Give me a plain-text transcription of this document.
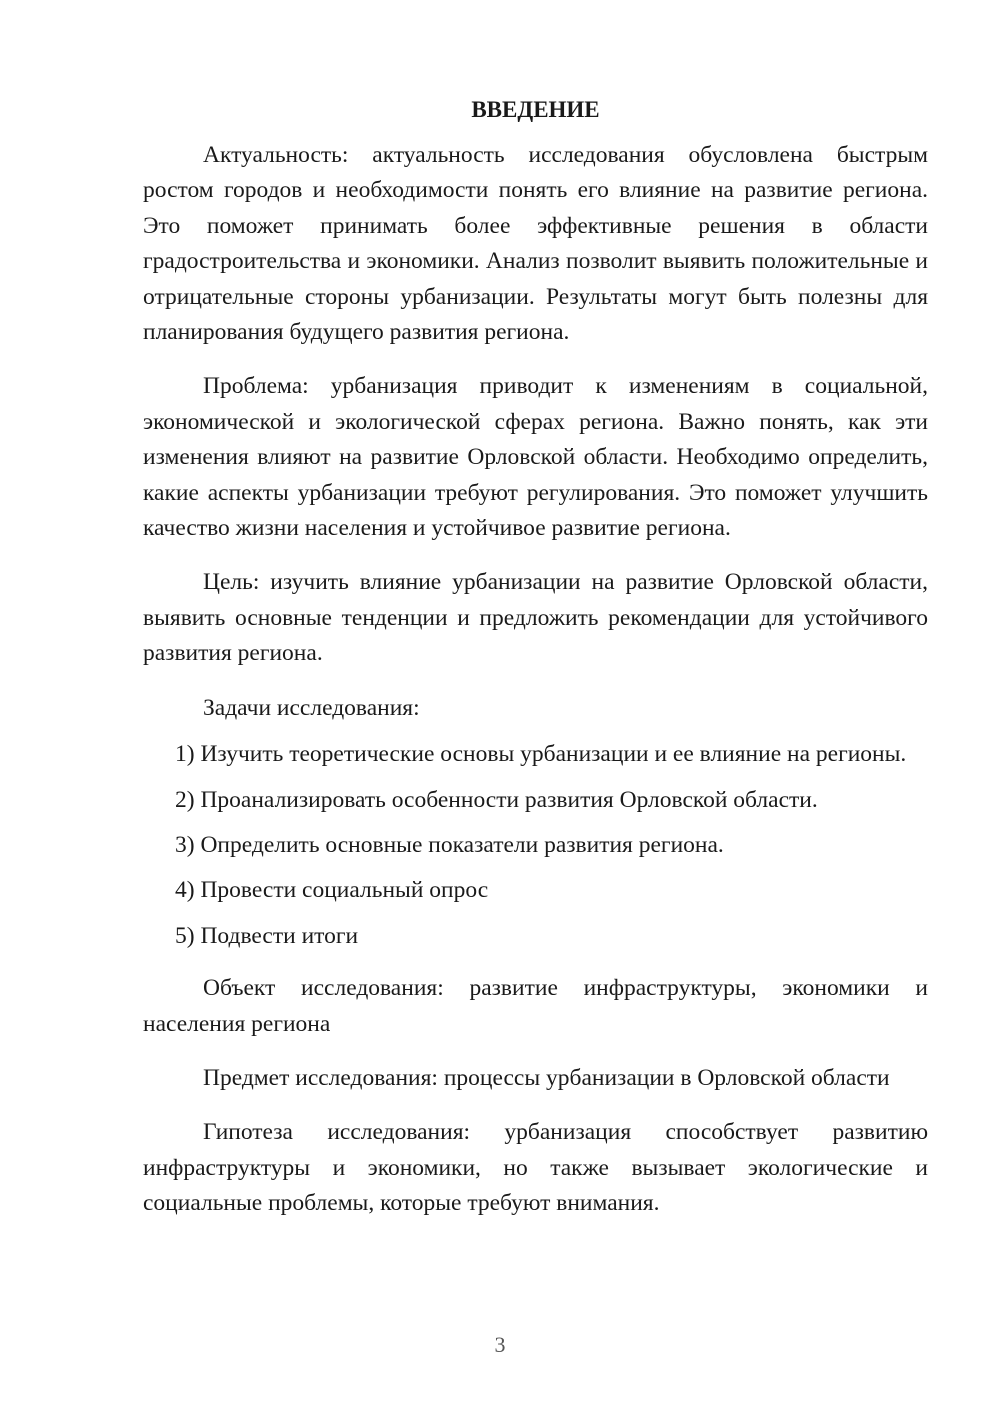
ВВЕДЕНИЕ

Актуальность: актуальность исследования обусловлена быстрым ростом городов и необходимости понять его влияние на развитие региона. Это поможет принимать более эффективные решения в области градостроительства и экономики. Анализ позволит выявить положительные и отрицательные стороны урбанизации. Результаты могут быть полезны для планирования будущего развития региона.

Проблема: урбанизация приводит к изменениям в социальной, экономической и экологической сферах региона. Важно понять, как эти изменения влияют на развитие Орловской области. Необходимо определить, какие аспекты урбанизации требуют регулирования. Это поможет улучшить качество жизни населения и устойчивое развитие региона.

Цель: изучить влияние урбанизации на развитие Орловской области, выявить основные тенденции и предложить рекомендации для устойчивого развития региона.

Задачи исследования:

1) Изучить теоретические основы урбанизации и ее влияние на регионы.

2) Проанализировать особенности развития Орловской области.

3) Определить основные показатели развития региона.

4) Провести социальный опрос

5) Подвести итоги

Объект исследования: развитие инфраструктуры, экономики и населения региона

Предмет исследования: процессы урбанизации в Орловской области

Гипотеза исследования: урбанизация способствует развитию инфраструктуры и экономики, но также вызывает экологические и социальные проблемы, которые требуют внимания.

3
